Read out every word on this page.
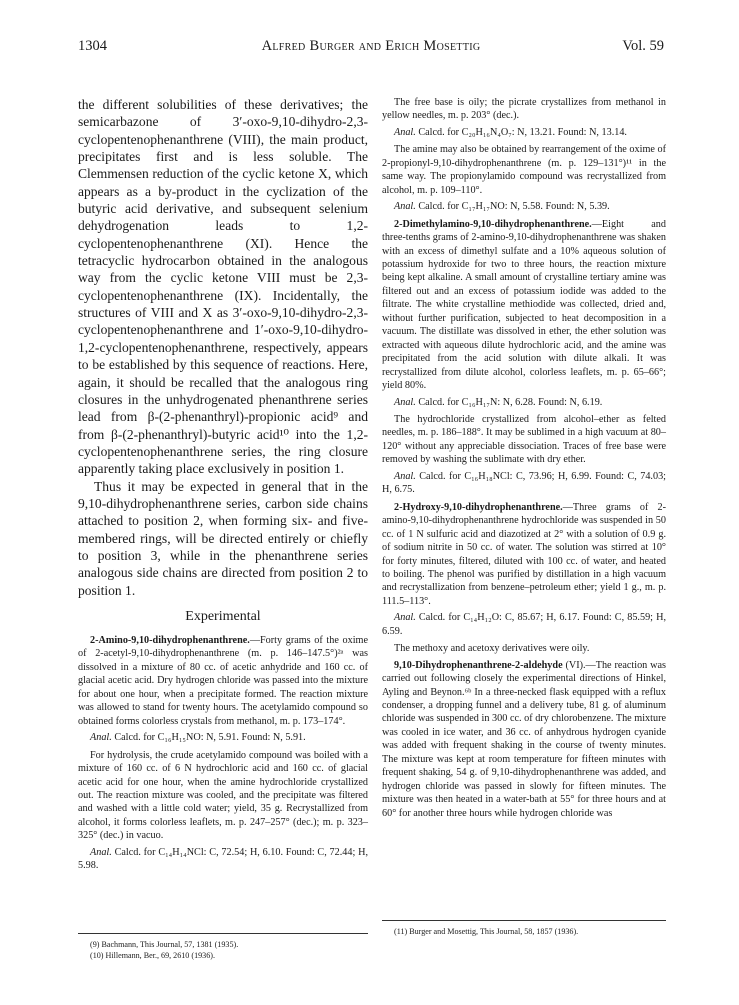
1304	Alfred Burger and Erich Mosettig	Vol. 59

the different solubilities of these derivatives; the semicarbazone of 3′-oxo-9,10-dihydro-2,3-cyclopentenophenanthrene (VIII), the main product, precipitates first and is less soluble. The Clemmensen reduction of the cyclic ketone X, which appears as a by-product in the cyclization of the butyric acid derivative, and subsequent selenium dehydrogenation leads to 1,2-cyclopentenophenanthrene (XI). Hence the tetracyclic hydrocarbon obtained in the analogous way from the cyclic ketone VIII must be 2,3-cyclopentenophenanthrene (IX). Incidentally, the structures of VIII and X as 3′-oxo-9,10-dihydro-2,3-cyclopentenophenanthrene and 1′-oxo-9,10-dihydro-1,2-cyclopentenophenanthrene, respectively, appears to be established by this sequence of reactions. Here, again, it should be recalled that the analogous ring closures in the unhydrogenated phenanthrene series lead from β-(2-phenanthryl)-propionic acid⁹ and from β-(2-phenanthryl)-butyric acid¹⁰ into the 1,2-cyclopentenophenanthrene series, the ring closure apparently taking place exclusively in position 1.

Thus it may be expected in general that in the 9,10-dihydrophenanthrene series, carbon side chains attached to position 2, when forming six- and five-membered rings, will be directed entirely or chiefly to position 3, while in the phenanthrene series analogous side chains are directed from position 2 to position 1.

Experimental

2-Amino-9,10-dihydrophenanthrene.—Forty grams of the oxime of 2-acetyl-9,10-dihydrophenanthrene (m. p. 146–147.5°)²ᵃ was dissolved in a mixture of 80 cc. of acetic anhydride and 160 cc. of glacial acetic acid. Dry hydrogen chloride was passed into the mixture for about one hour, when a precipitate formed. The reaction mixture was allowed to stand for twenty hours. The acetylamido compound so obtained forms colorless crystals from methanol, m. p. 173–174°.

Anal. Calcd. for C₁₆H₁₅NO: N, 5.91. Found: N, 5.91.

For hydrolysis, the crude acetylamido compound was boiled with a mixture of 160 cc. of 6 N hydrochloric acid and 160 cc. of glacial acetic acid for one hour, when the amine hydrochloride crystallized out. The reaction mixture was cooled, and the precipitate was filtered and washed with a little cold water; yield, 35 g. Recrystallized from alcohol, it forms colorless leaflets, m. p. 247–257° (dec.); m. p. 323–325° (dec.) in vacuo.

Anal. Calcd. for C₁₄H₁₄NCl: C, 72.54; H, 6.10. Found: C, 72.44; H, 5.98.

The free base is oily; the picrate crystallizes from methanol in yellow needles, m. p. 203° (dec.).

Anal. Calcd. for C₂₀H₁₆N₄O₇: N, 13.21. Found: N, 13.14.

The amine may also be obtained by rearrangement of the oxime of 2-propionyl-9,10-dihydrophenanthrene (m. p. 129–131°)¹¹ in the same way. The propionylamido compound was recrystallized from alcohol, m. p. 109–110°.

Anal. Calcd. for C₁₇H₁₇NO: N, 5.58. Found: N, 5.39.

2-Dimethylamino-9,10-dihydrophenanthrene.—Eight and three-tenths grams of 2-amino-9,10-dihydrophenanthrene was shaken with an excess of dimethyl sulfate and a 10% aqueous solution of potassium hydroxide for two to three hours, the reaction mixture being kept alkaline. A small amount of crystalline tertiary amine was filtered out and an excess of potassium iodide was added to the filtrate. The white crystalline methiodide was collected, dried and, without further purification, subjected to heat decomposition in a vacuum. The distillate was dissolved in ether, the ether solution was extracted with aqueous dilute hydrochloric acid, and the amine was precipitated from the acid solution with dilute alkali. It was recrystallized from dilute alcohol, colorless leaflets, m. p. 65–66°; yield 80%.

Anal. Calcd. for C₁₆H₁₇N: N, 6.28. Found: N, 6.19.

The hydrochloride crystallized from alcohol–ether as felted needles, m. p. 186–188°. It may be sublimed in a high vacuum at 80–120° without any appreciable dissociation. Traces of free base were removed by washing the sublimate with dry ether.

Anal. Calcd. for C₁₆H₁₈NCl: C, 73.96; H, 6.99. Found: C, 74.03; H, 6.75.

2-Hydroxy-9,10-dihydrophenanthrene.—Three grams of 2-amino-9,10-dihydrophenanthrene hydrochloride was suspended in 50 cc. of 1 N sulfuric acid and diazotized at 2° with a solution of 0.9 g. of sodium nitrite in 50 cc. of water. The solution was stirred at 10° for forty minutes, filtered, diluted with 100 cc. of water, and heated to boiling. The phenol was purified by distillation in a high vacuum and recrystallization from benzene–petroleum ether; yield 1 g., m. p. 111.5–113°.

Anal. Calcd. for C₁₄H₁₂O: C, 85.67; H, 6.17. Found: C, 85.59; H, 6.59.

The methoxy and acetoxy derivatives were oily.

9,10-Dihydrophenanthrene-2-aldehyde (VI).—The reaction was carried out following closely the experimental directions of Hinkel, Ayling and Beynon.⁶ᵇ In a three-necked flask equipped with a reflux condenser, a dropping funnel and a delivery tube, 81 g. of aluminum chloride was suspended in 300 cc. of dry chlorobenzene. The mixture was cooled in ice water, and 36 cc. of anhydrous hydrogen cyanide was added with frequent shaking in the course of twenty minutes. The mixture was kept at room temperature for fifteen minutes with frequent shaking, 54 g. of 9,10-dihydrophenanthrene was added, and hydrogen chloride was passed in slowly for fifteen minutes. The mixture was then heated in a water-bath at 55° for three hours and at 60° for another three hours while hydrogen chloride was

(9) Bachmann, This Journal, 57, 1381 (1935).
(10) Hillemann, Ber., 69, 2610 (1936).
(11) Burger and Mosettig, This Journal, 58, 1857 (1936).
